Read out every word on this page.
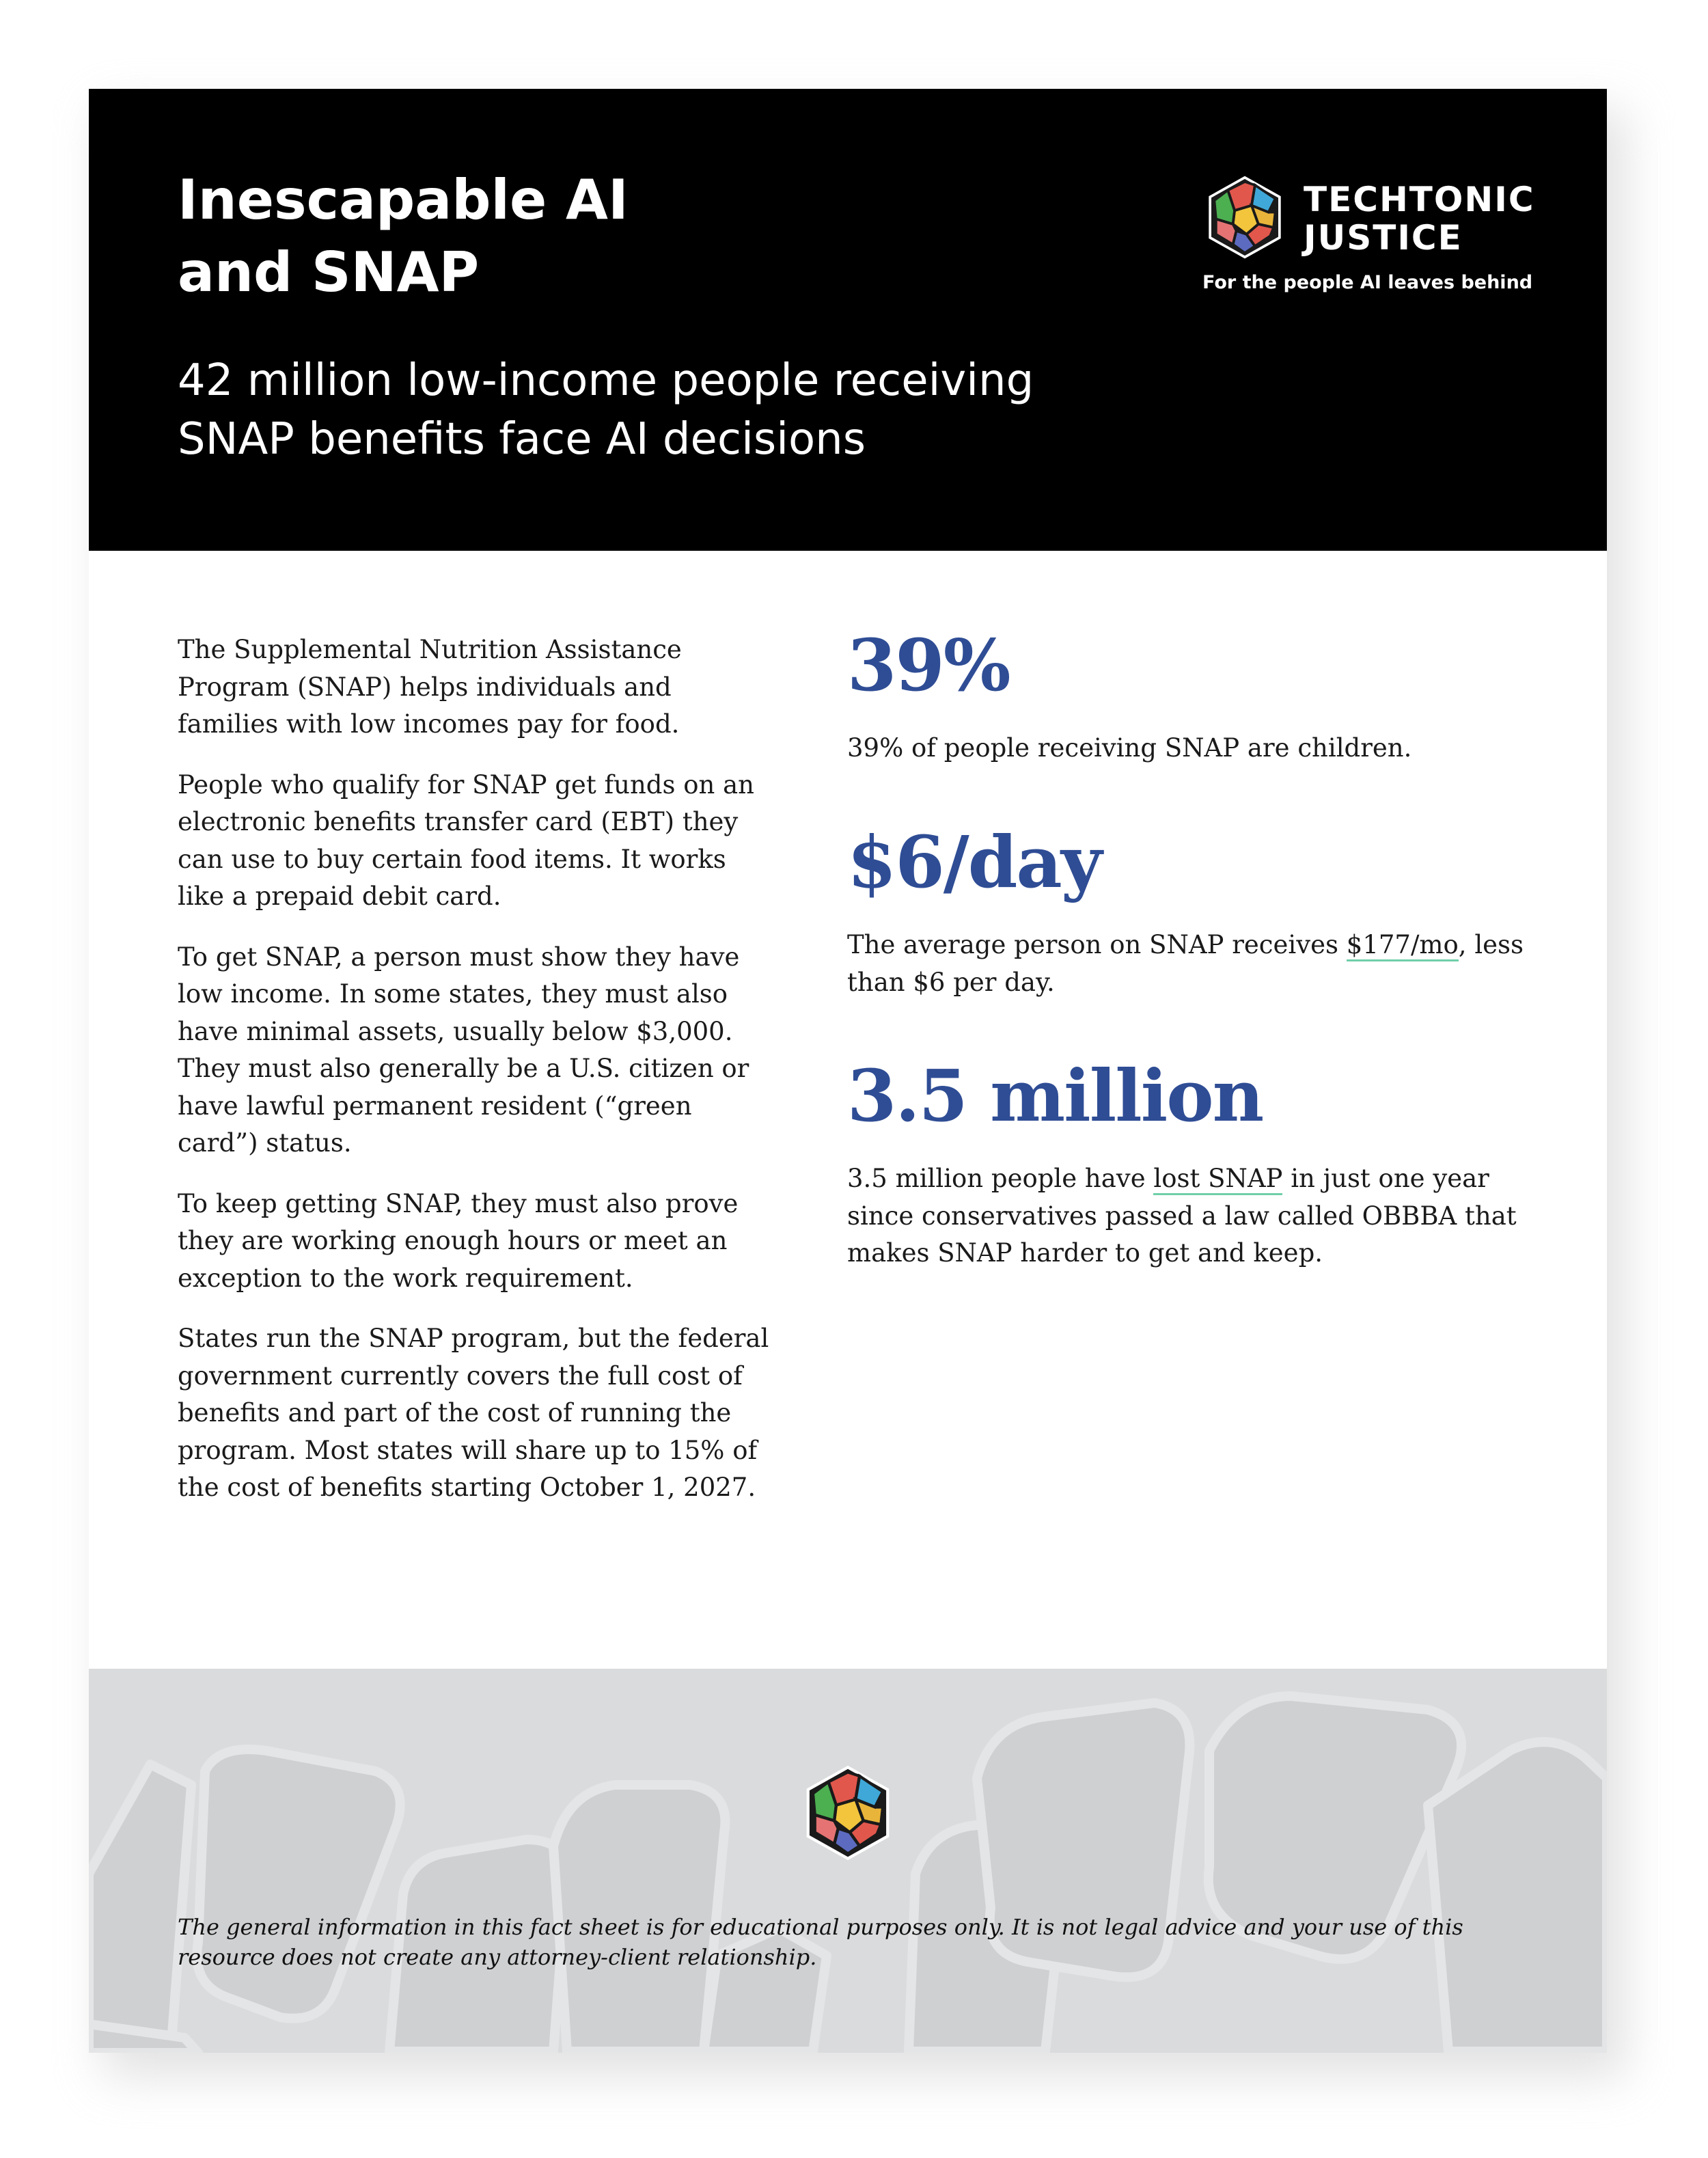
Inescapable AI
and SNAP
42 million low-income people receiving
SNAP benefits face AI decisions
TECHTONIC
JUSTICE
For the people AI leaves behind

The Supplemental Nutrition Assistance Program (SNAP) helps individuals and families with low incomes pay for food.

People who qualify for SNAP get funds on an electronic benefits transfer card (EBT) they can use to buy certain food items. It works like a prepaid debit card.

To get SNAP, a person must show they have low income. In some states, they must also have minimal assets, usually below $3,000. They must also generally be a U.S. citizen or have lawful permanent resident (“green card”) status.

To keep getting SNAP, they must also prove they are working enough hours or meet an exception to the work requirement.

States run the SNAP program, but the federal government currently covers the full cost of benefits and part of the cost of running the program. Most states will share up to 15% of the cost of benefits starting October 1, 2027.

39%

39% of people receiving SNAP are children.

$6/day

The average person on SNAP receives $177/mo, less than $6 per day.

3.5 million

3.5 million people have lost SNAP in just one year since conservatives passed a law called OBBBA that makes SNAP harder to get and keep.

The general information in this fact sheet is for educational purposes only. It is not legal advice and your use of this resource does not create any attorney-client relationship.
